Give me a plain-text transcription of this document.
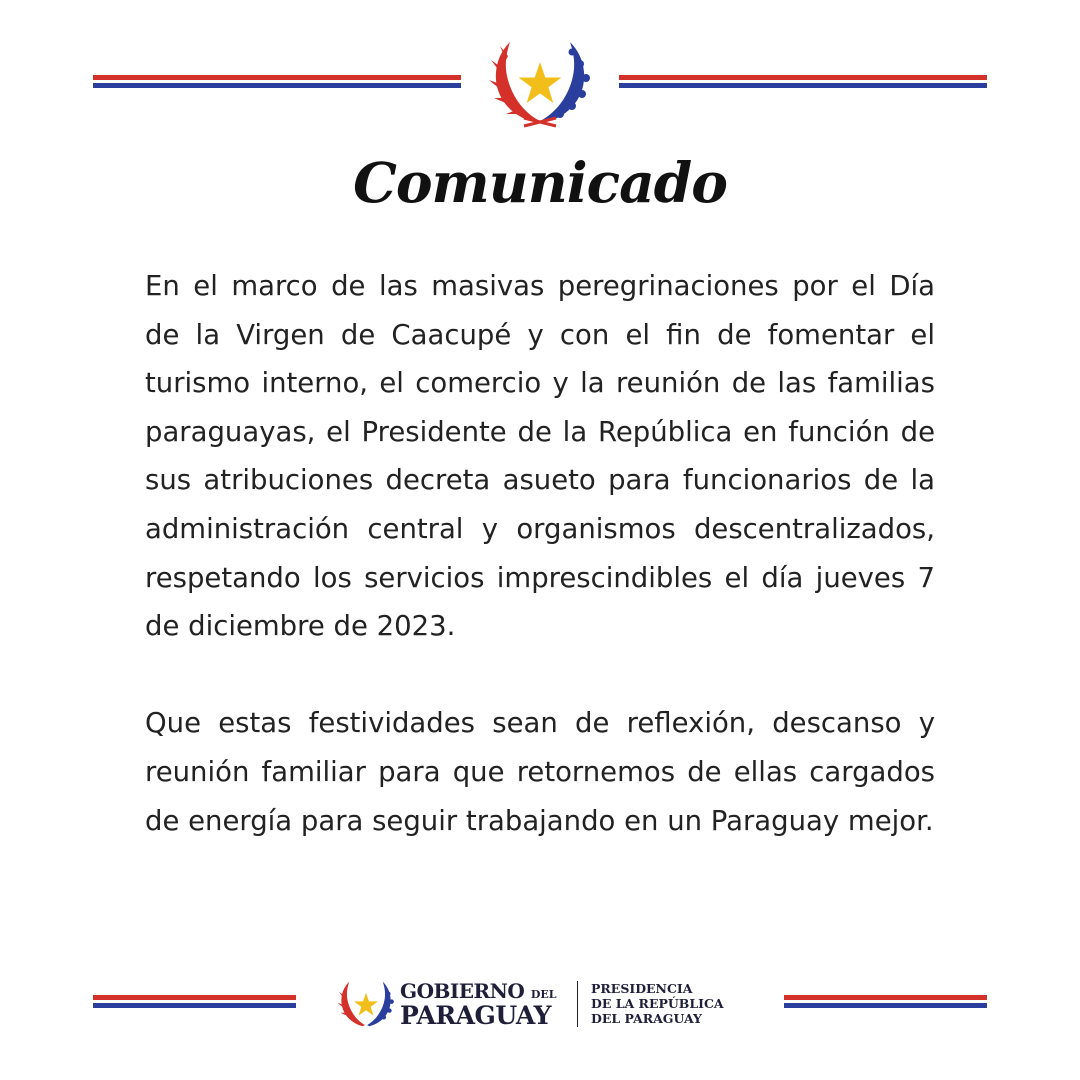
Comunicado

En el marco de las masivas peregrinaciones por el Día de la Virgen de Caacupé y con el fin de fomentar el turismo interno, el comercio y la reunión de las familias paraguayas, el Presidente de la República en función de sus atribuciones decreta asueto para funcionarios de la administración central y organismos descentralizados, respetando los servicios imprescindibles el día jueves 7 de diciembre de 2023.

Que estas festividades sean de reflexión, descanso y reunión familiar para que retornemos de ellas cargados de energía para seguir trabajando en un Paraguay mejor.

GOBIERNO DEL
PARAGUAY
PRESIDENCIA
DE LA REPÚBLICA
DEL PARAGUAY
